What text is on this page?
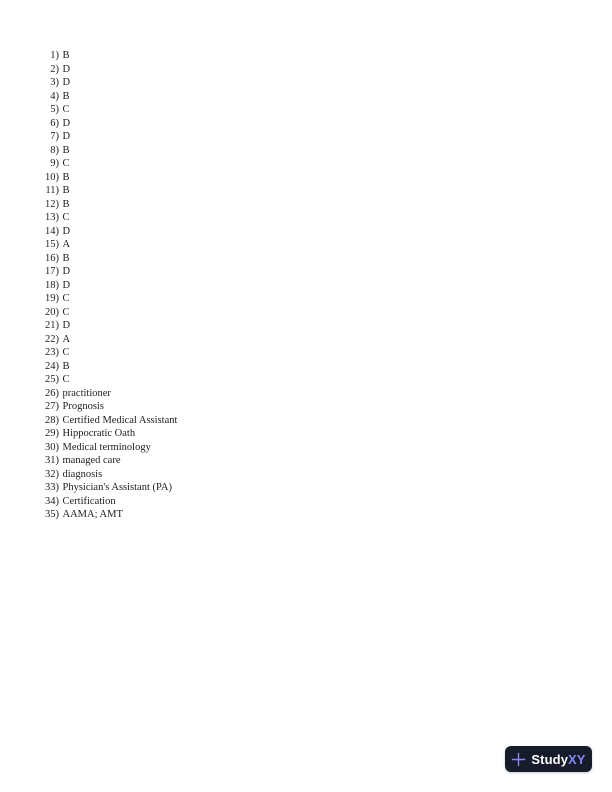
1) B
2) D
3) D
4) B
5) C
6) D
7) D
8) B
9) C
10) B
11) B
12) B
13) C
14) D
15) A
16) B
17) D
18) D
19) C
20) C
21) D
22) A
23) C
24) B
25) C
26) practitioner
27) Prognosis
28) Certified Medical Assistant
29) Hippocratic Oath
30) Medical terminology
31) managed care
32) diagnosis
33) Physician's Assistant (PA)
34) Certification
35) AAMA; AMT
StudyXY
